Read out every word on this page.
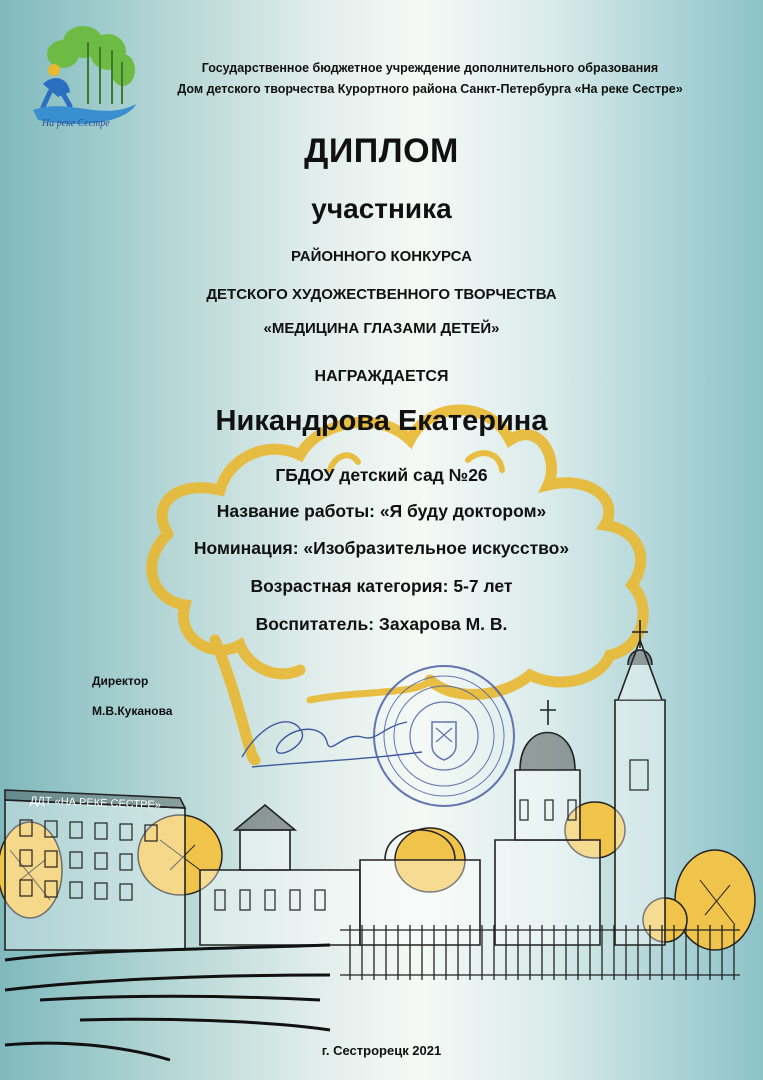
ДДТ «НА РЕКЕ СЕСТРЕ»
На реке Сестре
Государственное бюджетное учреждение дополнительного образования
Дом детского творчества Курортного района Санкт-Петербурга «На реке Сестре»
ДИПЛОМ
участника
РАЙОННОГО КОНКУРСА
ДЕТСКОГО ХУДОЖЕСТВЕННОГО ТВОРЧЕСТВА
«МЕДИЦИНА ГЛАЗАМИ ДЕТЕЙ»
НАГРАЖДАЕТСЯ
Никандрова Екатерина
ГБДОУ детский сад №26
Название работы: «Я буду доктором»
Номинация: «Изобразительное искусство»
Возрастная категория: 5-7 лет
Воспитатель: Захарова М. В.
Директор
М.В.Куканова
г. Сестрорецк 2021
